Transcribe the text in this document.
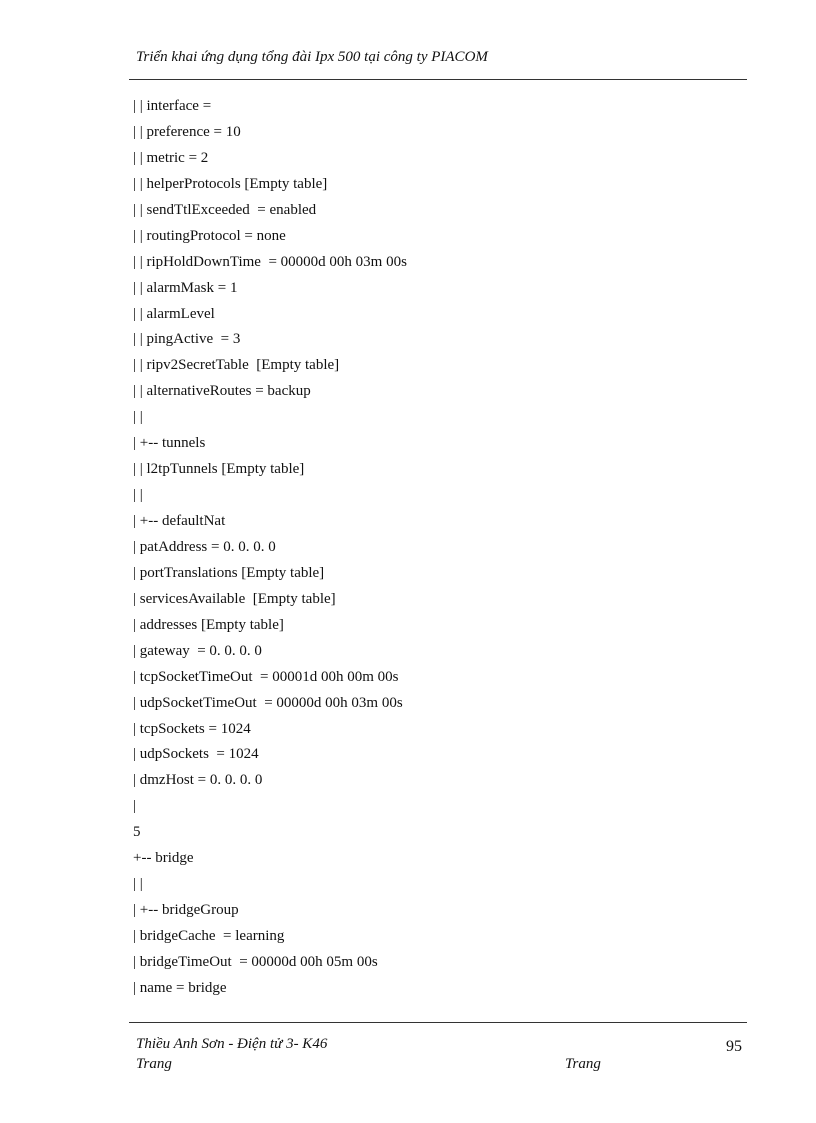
Triển khai ứng dụng tổng đài Ipx 500 tại công ty PIACOM
| | interface =
| | preference = 10
| | metric = 2
| | helperProtocols [Empty table]
| | sendTtlExceeded  = enabled
| | routingProtocol = none
| | ripHoldDownTime  = 00000d 00h 03m 00s
| | alarmMask = 1
| | alarmLevel
| | pingActive  = 3
| | ripv2SecretTable  [Empty table]
| | alternativeRoutes = backup
| |
| +-- tunnels
| | l2tpTunnels [Empty table]
| |
| +-- defaultNat
| patAddress = 0. 0. 0. 0
| portTranslations [Empty table]
| servicesAvailable  [Empty table]
| addresses [Empty table]
| gateway  = 0. 0. 0. 0
| tcpSocketTimeOut  = 00001d 00h 00m 00s
| udpSocketTimeOut  = 00000d 00h 03m 00s
| tcpSockets = 1024
| udpSockets  = 1024
| dmzHost = 0. 0. 0. 0
|
5
+-- bridge
| |
| +-- bridgeGroup
| bridgeCache  = learning
| bridgeTimeOut  = 00000d 00h 05m 00s
| name = bridge
Thiều Anh Sơn - Điện tử 3- K46
Trang	Trang
95
